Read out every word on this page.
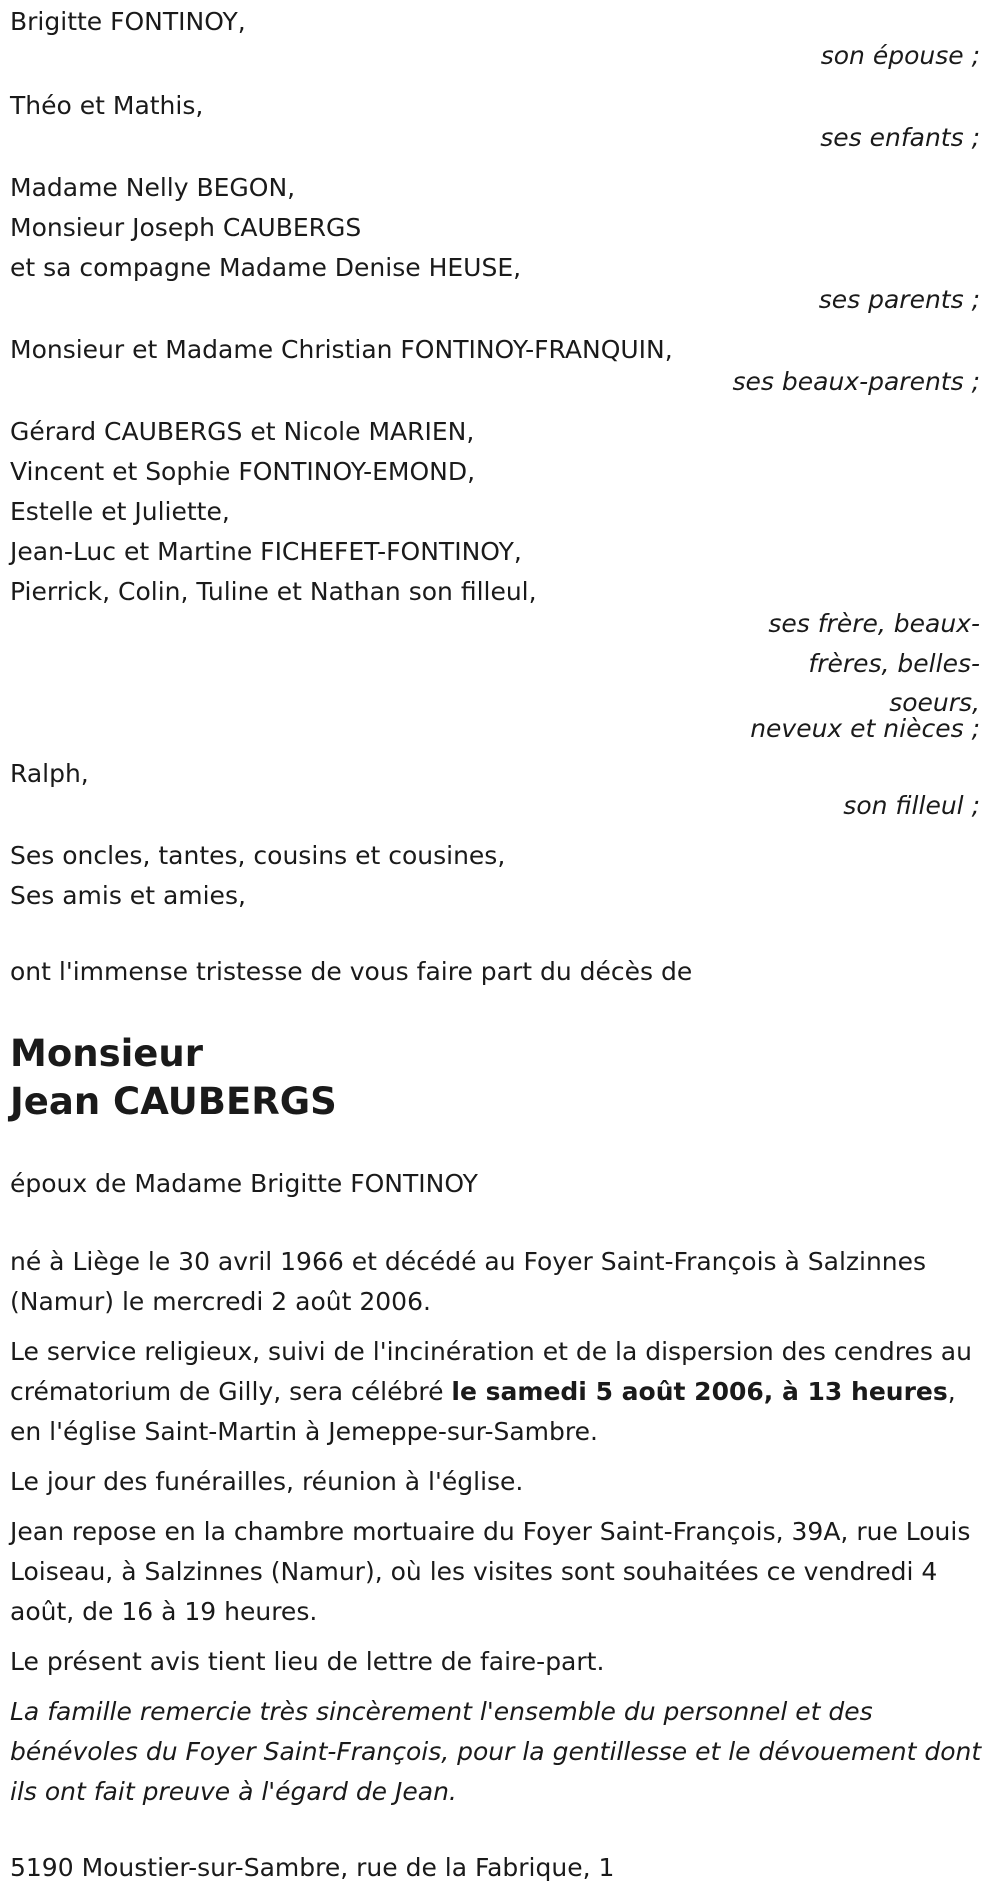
Brigitte FONTINOY,
son épouse ;
Théo et Mathis,
ses enfants ;
Madame Nelly BEGON,
Monsieur Joseph CAUBERGS
et sa compagne Madame Denise HEUSE,
ses parents ;
Monsieur et Madame Christian FONTINOY-FRANQUIN,
ses beaux-parents ;
Gérard CAUBERGS et Nicole MARIEN,
Vincent et Sophie FONTINOY-EMOND,
Estelle et Juliette,
Jean-Luc et Martine FICHEFET-FONTINOY,
Pierrick, Colin, Tuline et Nathan son filleul,
ses frère, beaux-
frères, belles-
soeurs,
neveux et nièces ;
Ralph,
son filleul ;
Ses oncles, tantes, cousins et cousines,
Ses amis et amies,

ont l'immense tristesse de vous faire part du décès de

Monsieur
Jean CAUBERGS

époux de Madame Brigitte FONTINOY

né à Liège le 30 avril 1966 et décédé au Foyer Saint-François à Salzinnes (Namur) le mercredi 2 août 2006.

Le service religieux, suivi de l'incinération et de la dispersion des cendres au crématorium de Gilly, sera célébré le samedi 5 août 2006, à 13 heures, en l'église Saint-Martin à Jemeppe-sur-Sambre.

Le jour des funérailles, réunion à l'église.

Jean repose en la chambre mortuaire du Foyer Saint-François, 39A, rue Louis Loiseau, à Salzinnes (Namur), où les visites sont souhaitées ce vendredi 4 août, de 16 à 19 heures.

Le présent avis tient lieu de lettre de faire-part.

La famille remercie très sincèrement l'ensemble du personnel et des bénévoles du Foyer Saint-François, pour la gentillesse et le dévouement dont ils ont fait preuve à l'égard de Jean.

5190 Moustier-sur-Sambre, rue de la Fabrique, 1
